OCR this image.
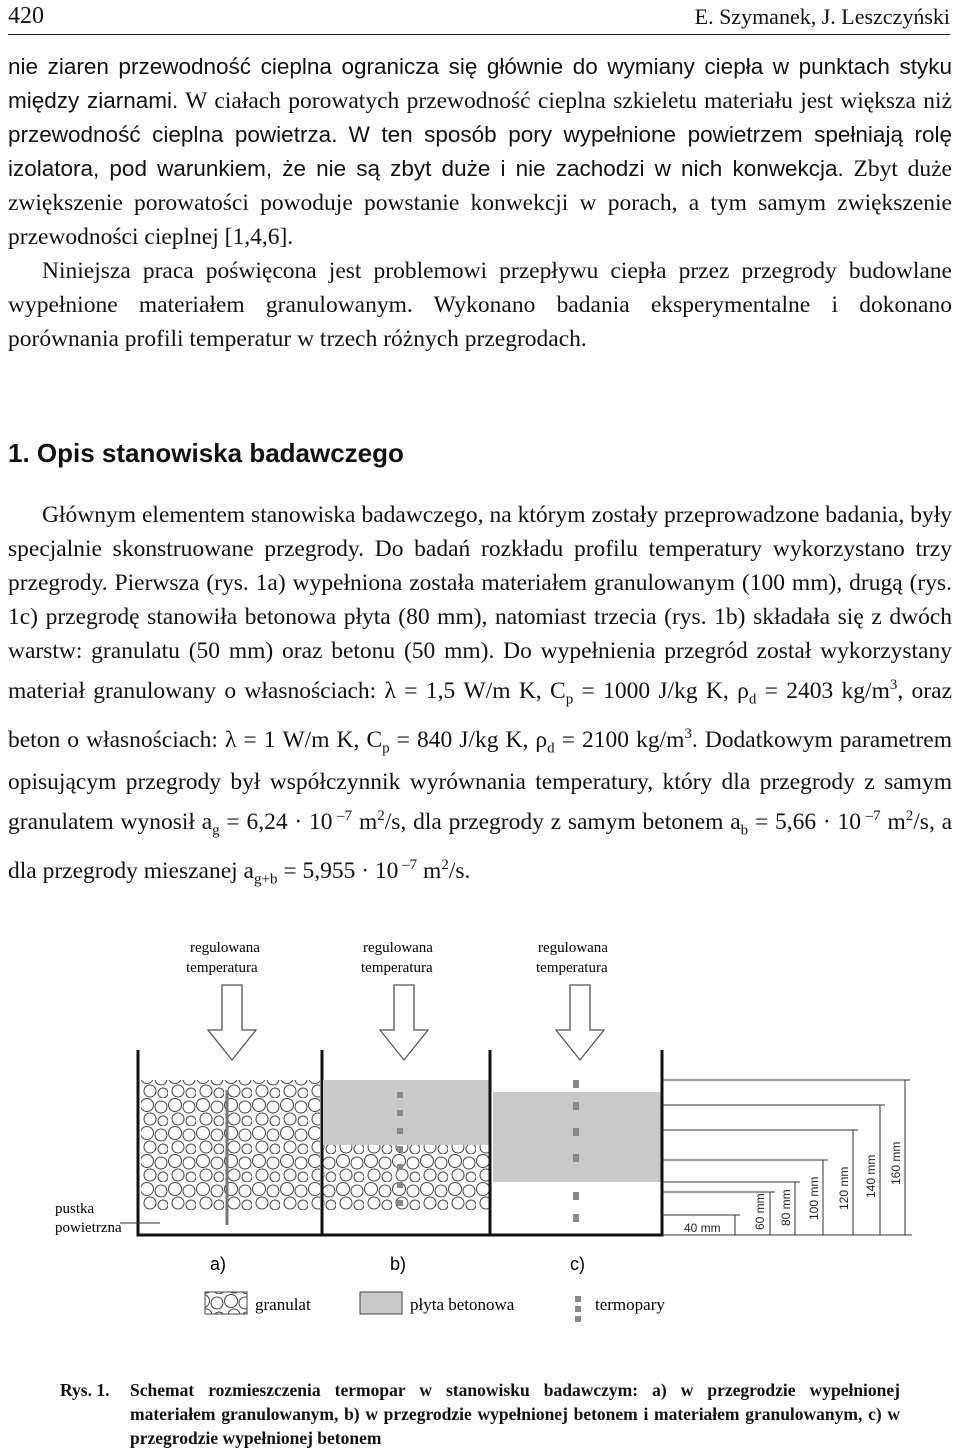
420	E. Szymanek, J. Leszczyński
nie ziaren przewodność cieplna ogranicza się głównie do wymiany ciepła w punktach styku między ziarnami. W ciałach porowatych przewodność cieplna szkieletu materiału jest większa niż przewodność cieplna powietrza. W ten sposób pory wypełnione powietrzem spełniają rolę izolatora, pod warunkiem, że nie są zbyt duże i nie zachodzi w nich konwekcja. Zbyt duże zwiększenie porowatości powoduje powstanie konwekcji w porach, a tym samym zwiększenie przewodności cieplnej [1,4,6].
Niniejsza praca poświęcona jest problemowi przepływu ciepła przez przegrody budowlane wypełnione materiałem granulowanym. Wykonano badania eksperymentalne i dokonano porównania profili temperatur w trzech różnych przegrodach.
1. Opis stanowiska badawczego
Głównym elementem stanowiska badawczego, na którym zostały przeprowadzone badania, były specjalnie skonstruowane przegrody. Do badań rozkładu profilu temperatury wykorzystano trzy przegrody. Pierwsza (rys. 1a) wypełniona została materiałem granulowanym (100 mm), drugą (rys. 1c) przegrodę stanowiła betonowa płyta (80 mm), natomiast trzecia (rys. 1b) składała się z dwóch warstw: granulatu (50 mm) oraz betonu (50 mm). Do wypełnienia przegród został wykorzystany materiał granulowany o własnościach: λ = 1,5 W/m K, $C_p = 1000$ J/kg K, $\rho_d = 2403$ $kg/m^3$, oraz beton o własnościach: λ = 1 W/m K, $C_p = 840$ J/kg K, $\rho_d = 2100$ $kg/m^3$. Dodatkowym parametrem opisującym przegrody był współczynnik wyrównania temperatury, który dla przegrody z samym granulatem wynosił $a_g = 6,24 \cdot 10$ $^{-7}$ $m^2/s$, dla przegrody z samym betonem $a_b = 5,66 \cdot 10$ $^{-7}$ $m^2/s$, a dla przegrody mieszanej $a_{g+b} = 5,955 \cdot 10$ $^{-7}$ $m^2/s$.
regulowana
temperatura
regulowana
temperatura
regulowana
temperatura
40 mm	60 mm 80 mm 100 mm 120 mm 140 mm 160 mm
pustka
powietrzna
a)	b)	c)
granulat	płyta betonowa	termopary
Rys. 1. Schemat rozmieszczenia termopar w stanowisku badawczym: a) w przegrodzie wypełnionej materiałem granulowanym, b) w przegrodzie wypełnionej betonem i materiałem granulowanym, c) w przegrodzie wypełnionej betonem
